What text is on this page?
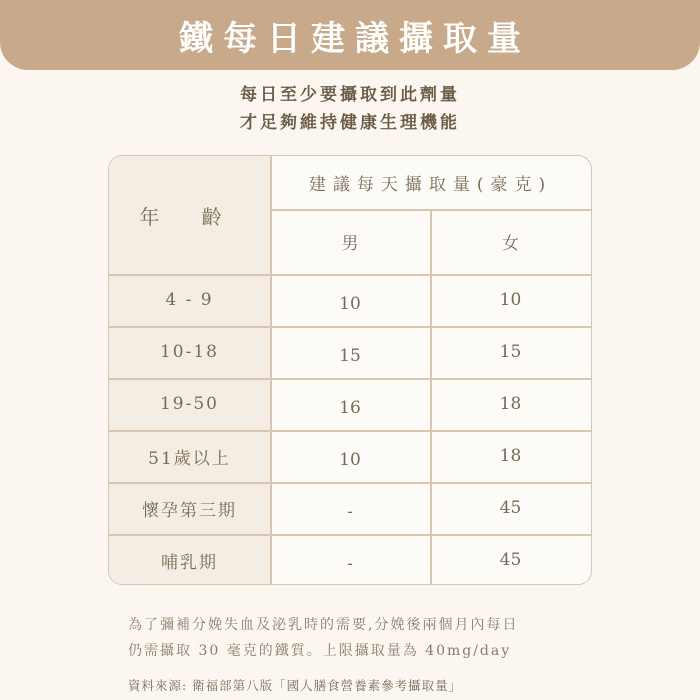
鐵每日建議攝取量
每日至少要攝取到此劑量
才足夠維持健康生理機能
年 齡
建議每天攝取量(豪克)
男	女
4 - 9	10	10
10-18	15	15
19-50	16	18
51歲以上	10	18
懷孕第三期	-	45
哺乳期	-	45
為了彌補分娩失血及泌乳時的需要,分娩後兩個月內每日
仍需攝取 30 毫克的鐵質。上限攝取量為 40mg/day
資料來源: 衛福部第八版「國人膳食營養素參考攝取量」
